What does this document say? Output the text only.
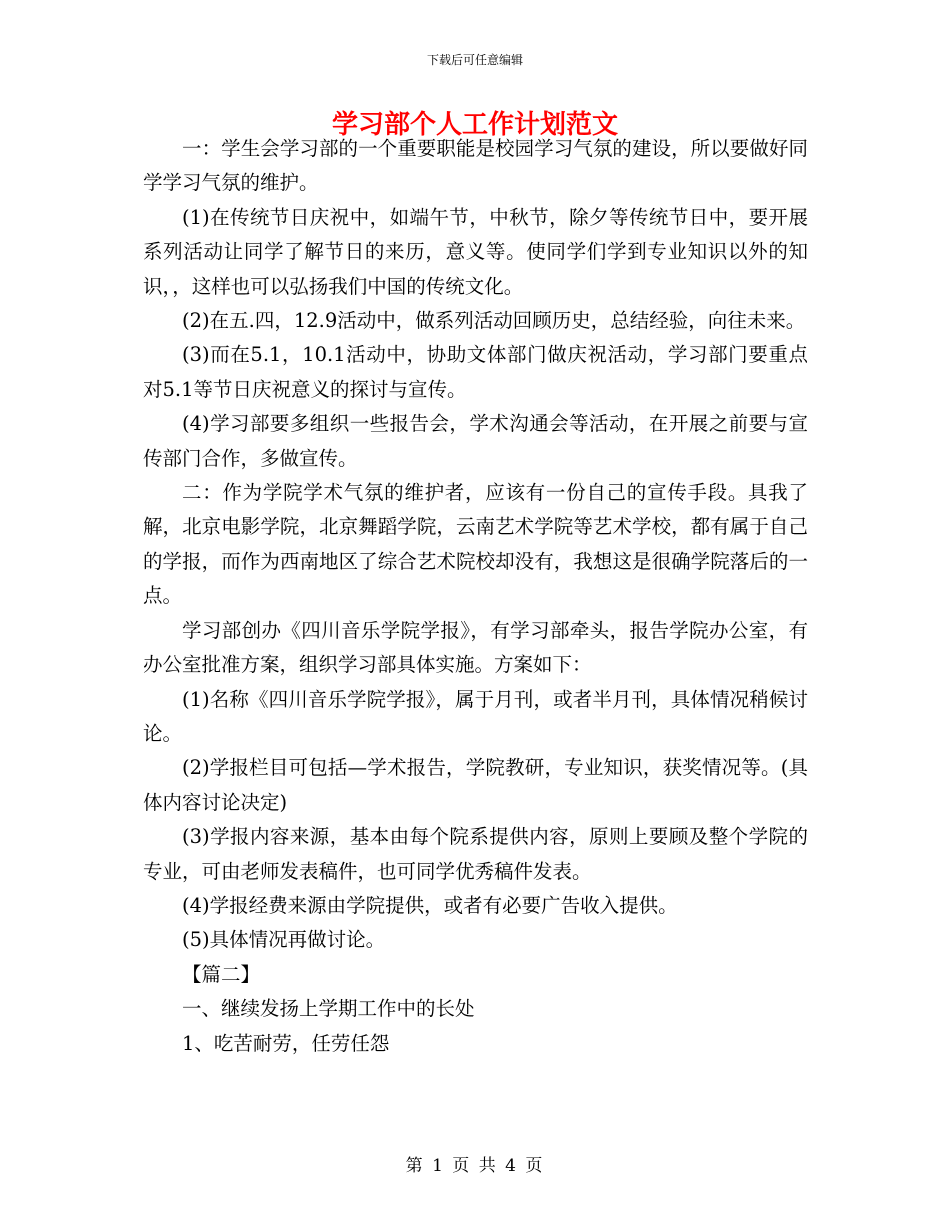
下载后可任意编辑
学习部个人工作计划范文

一：学生会学习部的一个重要职能是校园学习气氛的建设，所以要做好同学学习气氛的维护。

(1)在传统节日庆祝中，如端午节，中秋节，除夕等传统节日中，要开展系列活动让同学了解节日的来历，意义等。使同学们学到专业知识以外的知识，，这样也可以弘扬我们中国的传统文化。

(2)在五.四，12.9活动中，做系列活动回顾历史，总结经验，向往未来。

(3)而在5.1，10.1活动中，协助文体部门做庆祝活动，学习部门要重点对5.1等节日庆祝意义的探讨与宣传。

(4)学习部要多组织一些报告会，学术沟通会等活动，在开展之前要与宣传部门合作，多做宣传。

二：作为学院学术气氛的维护者，应该有一份自己的宣传手段。具我了解，北京电影学院，北京舞蹈学院，云南艺术学院等艺术学校，都有属于自己的学报，而作为西南地区了综合艺术院校却没有，我想这是很确学院落后的一点。

学习部创办《四川音乐学院学报》，有学习部牵头，报告学院办公室，有办公室批准方案，组织学习部具体实施。方案如下：

(1)名称《四川音乐学院学报》，属于月刊，或者半月刊，具体情况稍候讨论。

(2)学报栏目可包括—学术报告，学院教研，专业知识，获奖情况等。(具体内容讨论决定)

(3)学报内容来源，基本由每个院系提供内容，原则上要顾及整个学院的专业，可由老师发表稿件，也可同学优秀稿件发表。

(4)学报经费来源由学院提供，或者有必要广告收入提供。

(5)具体情况再做讨论。

【篇二】

一、继续发扬上学期工作中的长处

1、吃苦耐劳，任劳任怨

第 1 页 共 4 页
